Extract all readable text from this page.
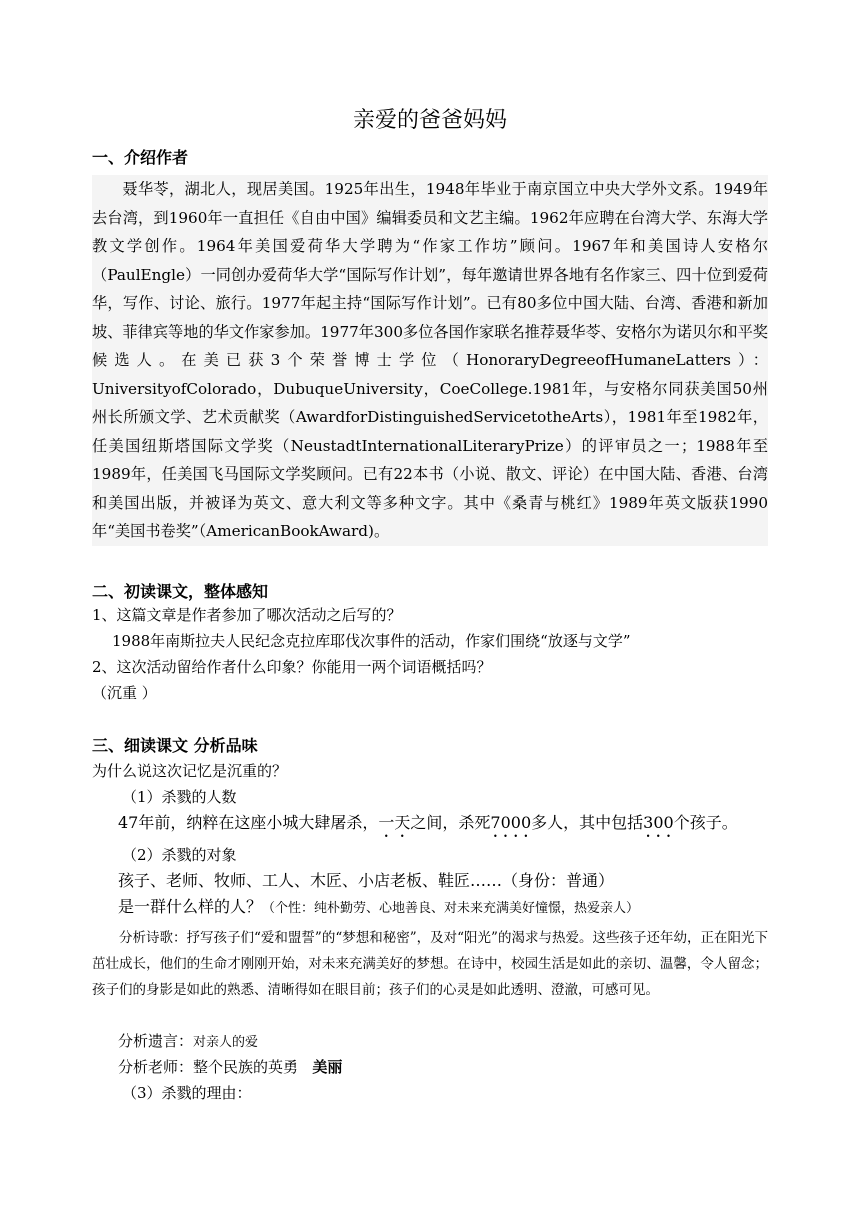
亲爱的爸爸妈妈
一、介绍作者

聂华苓，湖北人，现居美国。1925年出生，1948年毕业于南京国立中央大学外文系。1949年去台湾，到1960年一直担任《自由中国》编辑委员和文艺主编。1962年应聘在台湾大学、东海大学教文学创作。1964年美国爱荷华大学聘为“作家工作坊”顾问。1967年和美国诗人安格尔（PaulEngle）一同创办爱荷华大学“国际写作计划”，每年邀请世界各地有名作家三、四十位到爱荷华，写作、讨论、旅行。1977年起主持“国际写作计划”。已有80多位中国大陆、台湾、香港和新加坡、菲律宾等地的华文作家参加。1977年300多位各国作家联名推荐聂华苓、安格尔为诺贝尔和平奖候选人。在美已获3个荣誉博士学位（HonoraryDegreeofHumaneLatters）：UniversityofColorado，DubuqueUniversity，CoeCollege.1981年，与安格尔同获美国50州州长所颁文学、艺术贡献奖（AwardforDistinguishedServicetotheArts），1981年至1982年，任美国纽斯塔国际文学奖（NeustadtInternationalLiteraryPrize）的评审员之一；1988年至1989年，任美国飞马国际文学奖顾问。已有22本书（小说、散文、评论）在中国大陆、香港、台湾和美国出版，并被译为英文、意大利文等多种文字。其中《桑青与桃红》1989年英文版获1990年“美国书卷奖”（AmericanBookAward)。

二、初读课文，整体感知
1、这篇文章是作者参加了哪次活动之后写的？
1988年南斯拉夫人民纪念克拉库耶伐次事件的活动，作家们围绕“放逐与文学”
2、这次活动留给作者什么印象？你能用一两个词语概括吗？
（沉重 ）
三、细读课文 分析品味
为什么说这次记忆是沉重的？
（1）杀戮的人数
47年前，纳粹在这座小城大肆屠杀，一天之间，杀死7000多人，其中包括300个孩子。
（2）杀戮的对象
孩子、老师、牧师、工人、木匠、小店老板、鞋匠……（身份：普通）
是一群什么样的人？（个性：纯朴勤劳、心地善良、对未来充满美好憧憬，热爱亲人）

分析诗歌：抒写孩子们“爱和盟誓”的“梦想和秘密”，及对“阳光”的渴求与热爱。这些孩子还年幼，正在阳光下茁壮成长，他们的生命才刚刚开始，对未来充满美好的梦想。在诗中，校园生活是如此的亲切、温馨，令人留念；孩子们的身影是如此的熟悉、清晰得如在眼目前；孩子们的心灵是如此透明、澄澈，可感可见。

分析遗言：对亲人的爱
分析老师：整个民族的英勇 美丽
（3）杀戮的理由：
